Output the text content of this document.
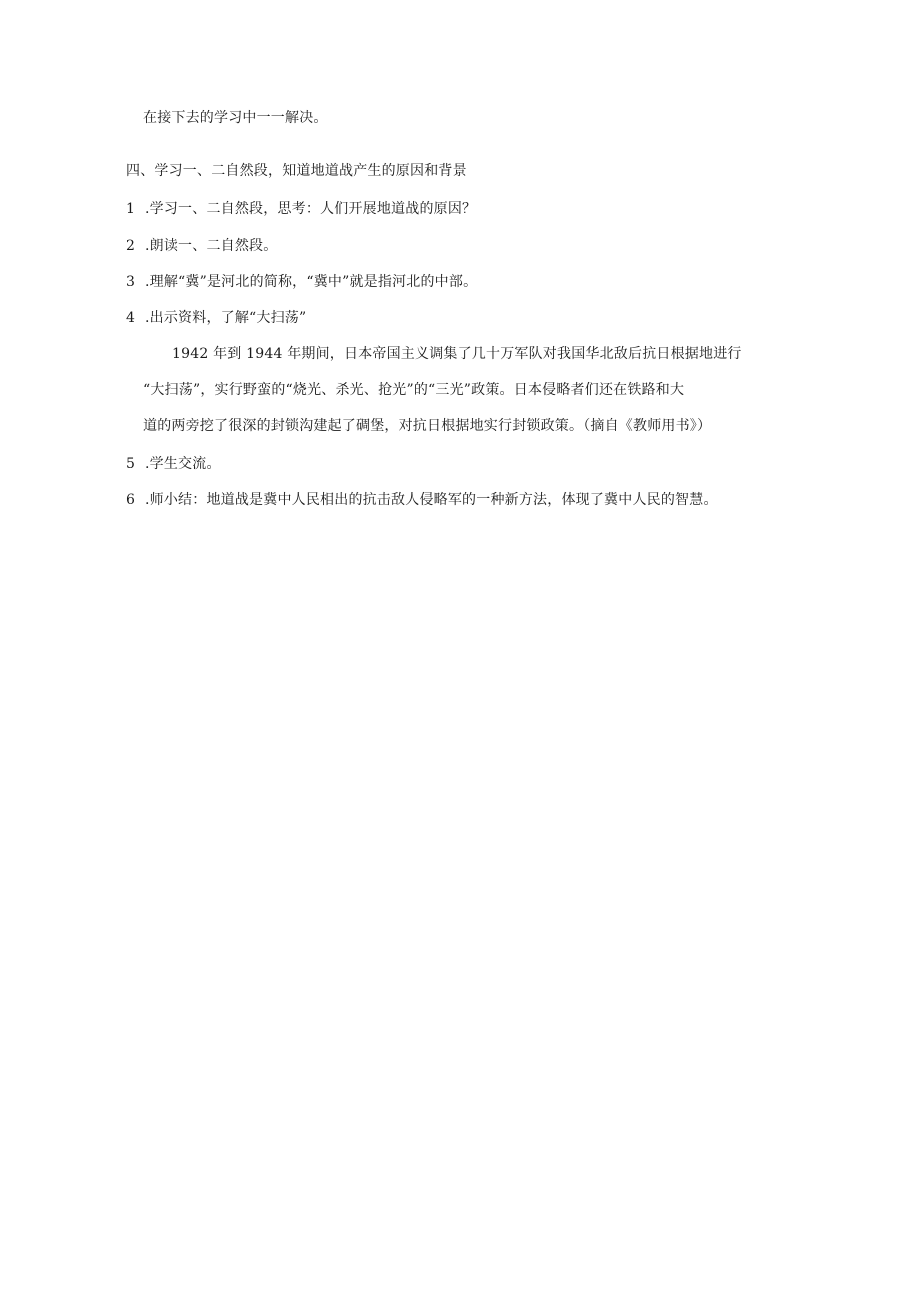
在接下去的学习中一一解决。
四、学习一、二自然段，知道地道战产生的原因和背景
1 .学习一、二自然段，思考：人们开展地道战的原因？
2 .朗读一、二自然段。
3 .理解“冀”是河北的简称，“冀中”就是指河北的中部。
4 .出示资料，了解“大扫荡”
1942 年到 1944 年期间，日本帝国主义调集了几十万军队对我国华北敌后抗日根据地进行
“大扫荡”，实行野蛮的“烧光、杀光、抢光”的“三光”政策。日本侵略者们还在铁路和大
道的两旁挖了很深的封锁沟建起了碉堡，对抗日根据地实行封锁政策。（摘自《教师用书》）
5 .学生交流。
6 .师小结：地道战是冀中人民相出的抗击敌人侵略军的一种新方法，体现了冀中人民的智慧。
